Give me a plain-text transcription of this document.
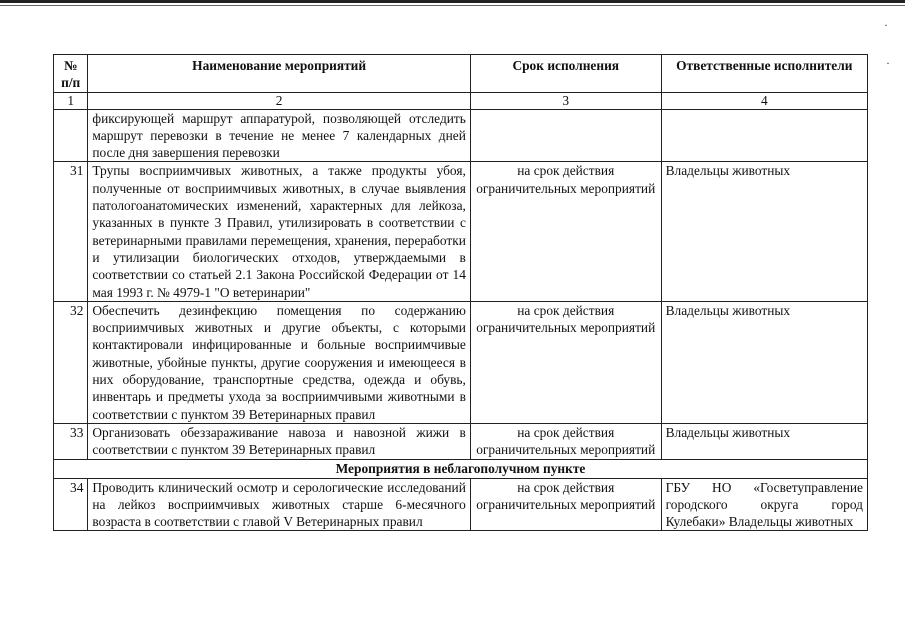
·
·
№ п/п	Наименование мероприятий	Срок исполнения	Ответственные исполнители
1	2	3	4
	фиксирующей маршрут аппаратурой, позволяющей отследить маршрут перевозки в течение не менее 7 календарных дней после дня завершения перевозки		
31	Трупы восприимчивых животных, а также продукты убоя, полученные от восприимчивых животных, в случае выявления патологоанатомических изменений, характерных для лейкоза, указанных в пункте 3 Правил, утилизировать в соответствии с ветеринарными правилами перемещения, хранения, переработки и утилизации биологических отходов, утверждаемыми в соответствии со статьей 2.1 Закона Российской Федерации от 14 мая 1993 г. № 4979-1 "О ветеринарии"	на срок действия ограничительных мероприятий	Владельцы животных
32	Обеспечить дезинфекцию помещения по содержанию восприимчивых животных и другие объекты, с которыми контактировали инфицированные и больные восприимчивые животные, убойные пункты, другие сооружения и имеющееся в них оборудование, транспортные средства, одежда и обувь, инвентарь и предметы ухода за восприимчивыми животными в соответствии с пунктом 39 Ветеринарных правил	на срок действия ограничительных мероприятий	Владельцы животных
33	Организовать обеззараживание навоза и навозной жижи в соответствии с пунктом 39 Ветеринарных правил	на срок действия ограничительных мероприятий	Владельцы животных
Мероприятия в неблагополучном пункте			
34	Проводить клинический осмотр и серологические исследований на лейкоз восприимчивых животных старше 6-месячного возраста в соответствии с главой V Ветеринарных правил	на срок действия ограничительных мероприятий	ГБУ НО «Госветуправление городского округа город Кулебаки» Владельцы животных
